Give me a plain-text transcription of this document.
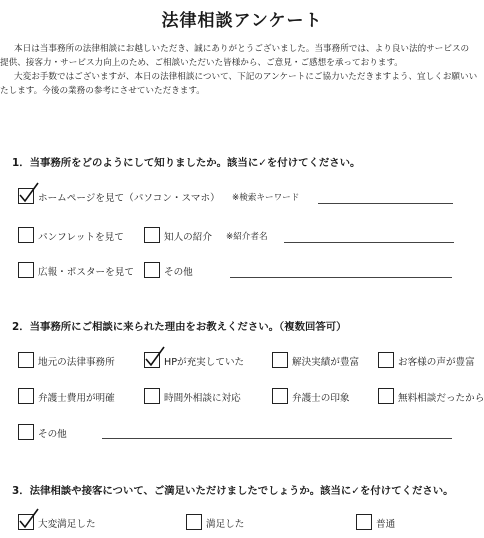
法律相談アンケート
本日は当事務所の法律相談にお越しいただき、誠にありがとうございました。当事務所では、より良い法的サービスの
提供、接客力・サービス力向上のため、ご相談いただいた皆様から、ご意見・ご感想を承っております。
大変お手数ではございますが、本日の法律相談について、下記のアンケートにご協力いただきますよう、宜しくお願いい
たします。今後の業務の参考にさせていただきます。
1．当事務所をどのようにして知りましたか。該当に✓を付けてください。
ホームページを見て（パソコン・スマホ） ※検索キーワード
パンフレットを見て	知人の紹介 ※紹介者名
広報・ポスターを見て	その他
2．当事務所にご相談に来られた理由をお教えください。（複数回答可）
地元の法律事務所	HPが充実していた	解決実績が豊富	お客様の声が豊富
弁護士費用が明確	時間外相談に対応	弁護士の印象	無料相談だったから
その他
3．法律相談や接客について、ご満足いただけましたでしょうか。該当に✓を付けてください。
大変満足した	満足した	普通
